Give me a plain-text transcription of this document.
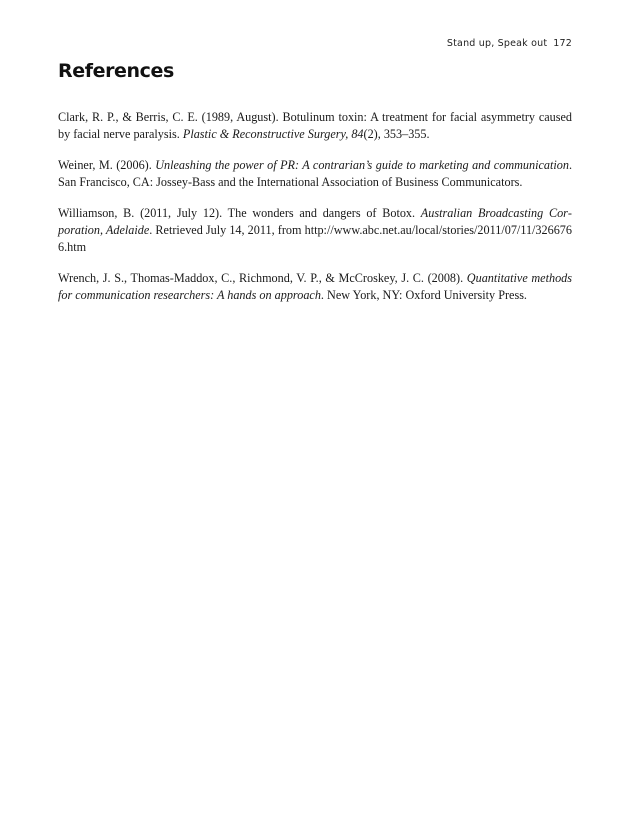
Stand up, Speak out 172
References
Clark, R. P., & Berris, C. E. (1989, August). Botulinum toxin: A treatment for facial asymmetry caused by facial nerve paralysis. Plastic & Reconstructive Surgery, 84(2), 353–355.
Weiner, M. (2006). Unleashing the power of PR: A contrarian’s guide to marketing and communication. San Francisco, CA: Jossey-Bass and the International Association of Business Communicators.
Williamson, B. (2011, July 12). The wonders and dangers of Botox. Australian Broadcasting Corporation, Adelaide. Retrieved July 14, 2011, from http://www.abc.net.au/local/stories/2011/07/11/3266766.htm
Wrench, J. S., Thomas-Maddox, C., Richmond, V. P., & McCroskey, J. C. (2008). Quantitative methods for communication researchers: A hands on approach. New York, NY: Oxford University Press.
